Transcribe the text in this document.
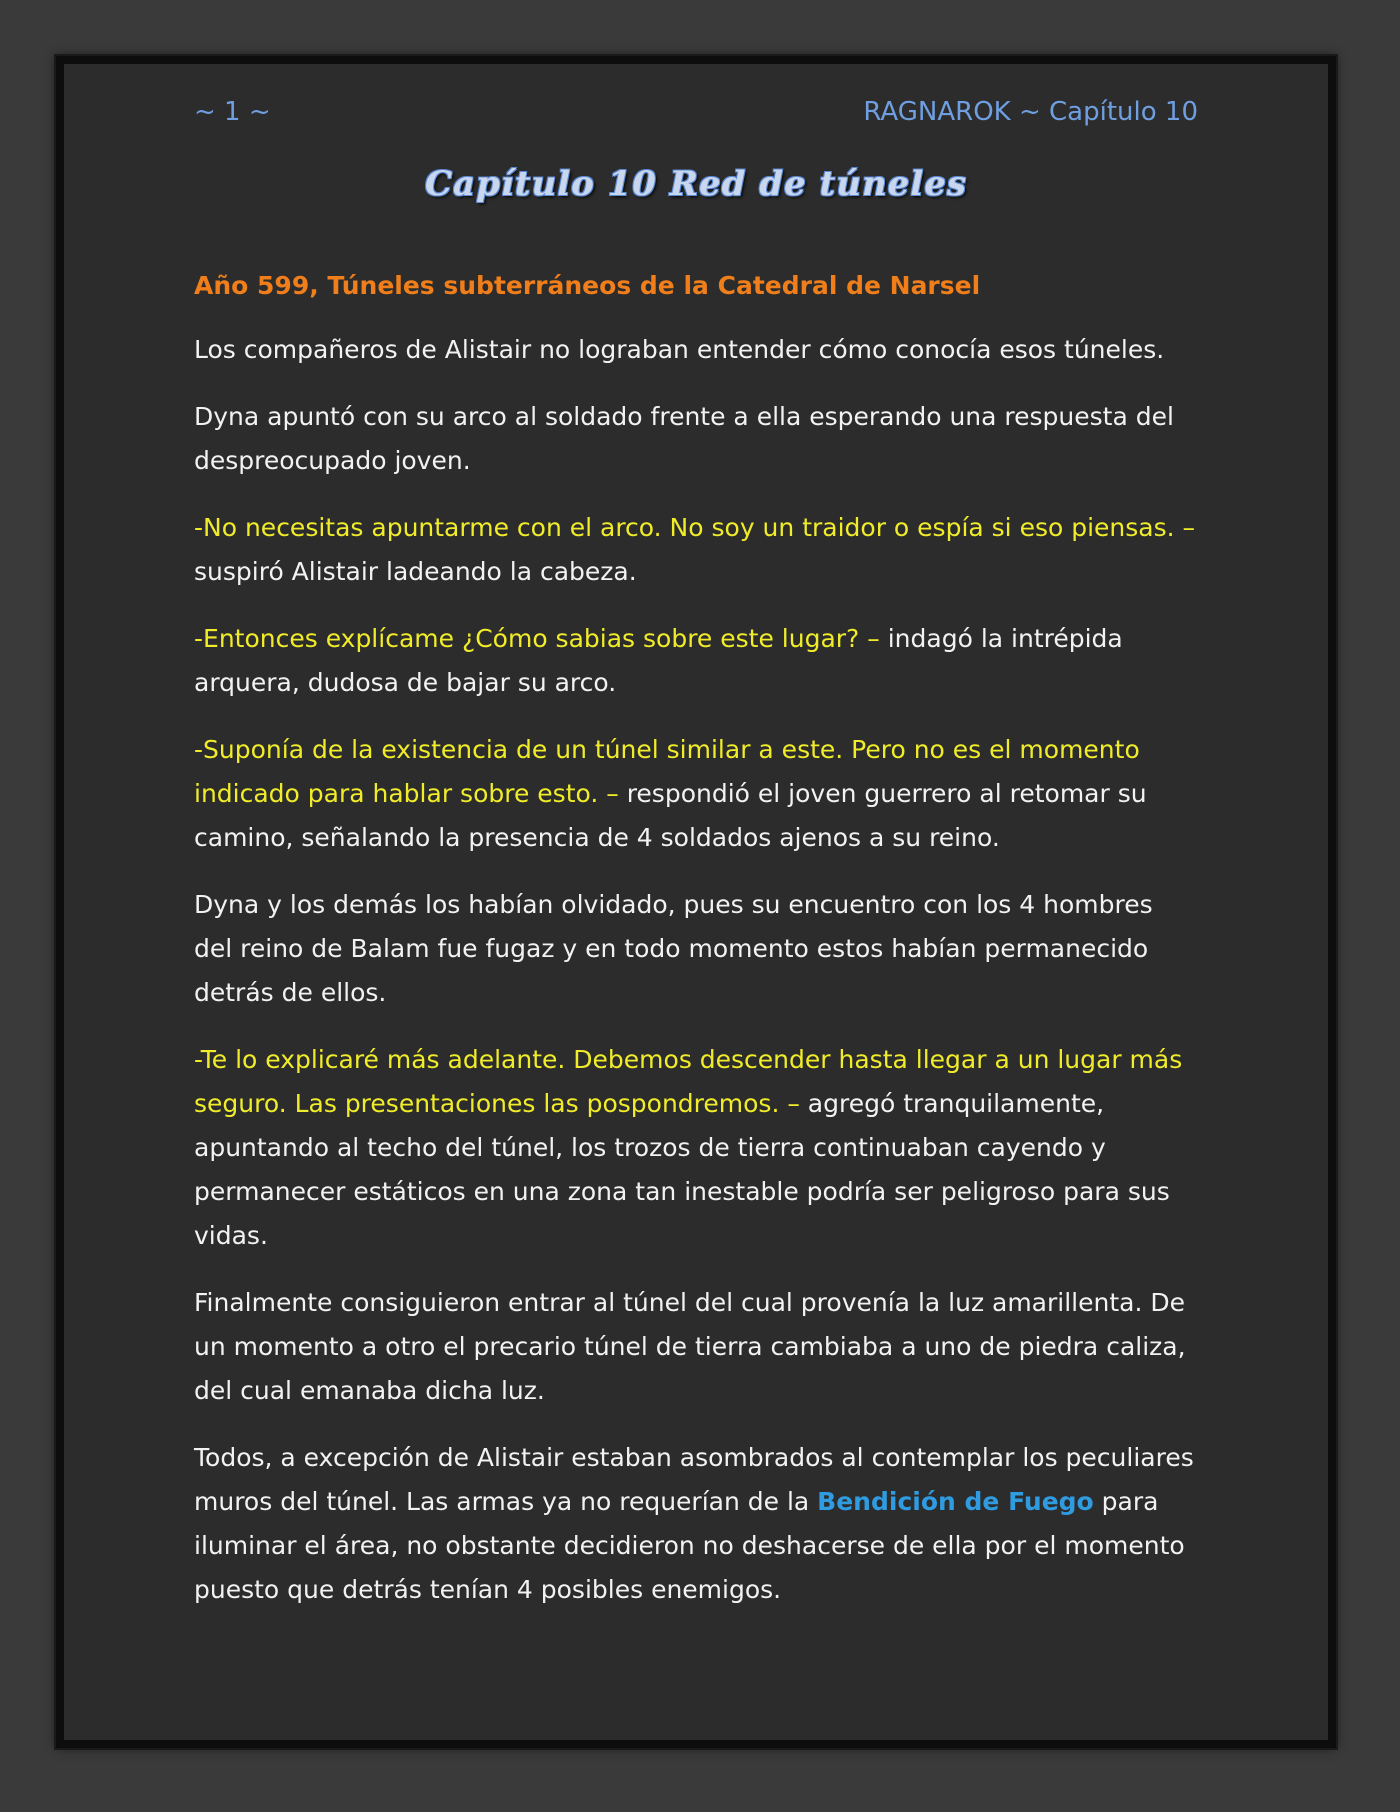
~ 1 ~	RAGNAROK ~ Capítulo 10
Capítulo 10 Red de túneles

Año 599, Túneles subterráneos de la Catedral de Narsel

Los compañeros de Alistair no lograban entender cómo conocía esos túneles.

Dyna apuntó con su arco al soldado frente a ella esperando una respuesta del despreocupado joven.

-No necesitas apuntarme con el arco. No soy un traidor o espía si eso piensas. – suspiró Alistair ladeando la cabeza.

-Entonces explícame ¿Cómo sabias sobre este lugar? – indagó la intrépida arquera, dudosa de bajar su arco.

-Suponía de la existencia de un túnel similar a este. Pero no es el momento indicado para hablar sobre esto. – respondió el joven guerrero al retomar su camino, señalando la presencia de 4 soldados ajenos a su reino.

Dyna y los demás los habían olvidado, pues su encuentro con los 4 hombres del reino de Balam fue fugaz y en todo momento estos habían permanecido detrás de ellos.

-Te lo explicaré más adelante. Debemos descender hasta llegar a un lugar más seguro. Las presentaciones las pospondremos. – agregó tranquilamente, apuntando al techo del túnel, los trozos de tierra continuaban cayendo y permanecer estáticos en una zona tan inestable podría ser peligroso para sus vidas.

Finalmente consiguieron entrar al túnel del cual provenía la luz amarillenta. De un momento a otro el precario túnel de tierra cambiaba a uno de piedra caliza, del cual emanaba dicha luz.

Todos, a excepción de Alistair estaban asombrados al contemplar los peculiares muros del túnel. Las armas ya no requerían de la Bendición de Fuego para iluminar el área, no obstante decidieron no deshacerse de ella por el momento puesto que detrás tenían 4 posibles enemigos.
